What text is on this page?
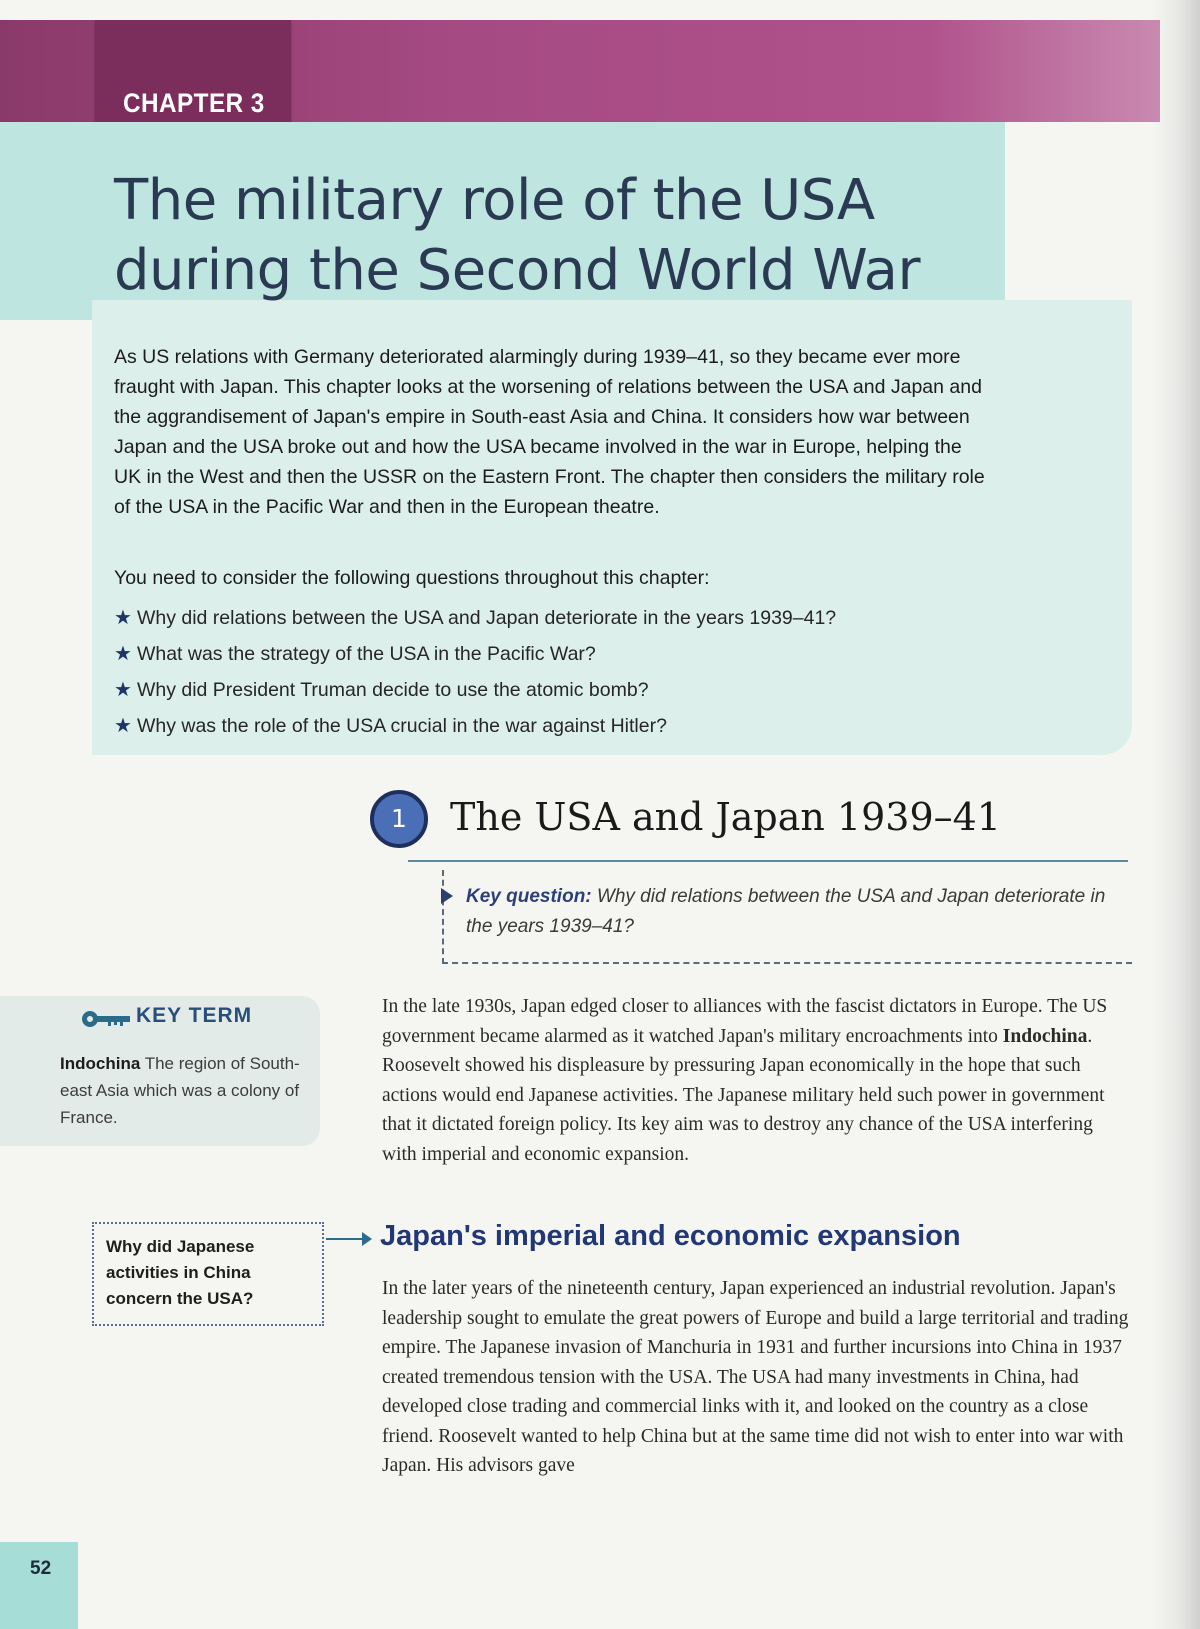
CHAPTER 3
The military role of the USA during the Second World War

As US relations with Germany deteriorated alarmingly during 1939–41, so they became ever more fraught with Japan. This chapter looks at the worsening of relations between the USA and Japan and the aggrandisement of Japan's empire in South-east Asia and China. It considers how war between Japan and the USA broke out and how the USA became involved in the war in Europe, helping the UK in the West and then the USSR on the Eastern Front. The chapter then considers the military role of the USA in the Pacific War and then in the European theatre.

You need to consider the following questions throughout this chapter:

★ Why did relations between the USA and Japan deteriorate in the years 1939–41?
★ What was the strategy of the USA in the Pacific War?
★ Why did President Truman decide to use the atomic bomb?
★ Why was the role of the USA crucial in the war against Hitler?
1	The USA and Japan 1939–41

Key question: Why did relations between the USA and Japan deteriorate in the years 1939–41?

KEY TERM

Indochina The region of South-east Asia which was a colony of France.

In the late 1930s, Japan edged closer to alliances with the fascist dictators in Europe. The US government became alarmed as it watched Japan's military encroachments into Indochina. Roosevelt showed his displeasure by pressuring Japan economically in the hope that such actions would end Japanese activities. The Japanese military held such power in government that it dictated foreign policy. Its key aim was to destroy any chance of the USA interfering with imperial and economic expansion.

Why did Japanese activities in China concern the USA?

Japan's imperial and economic expansion

In the later years of the nineteenth century, Japan experienced an industrial revolution. Japan's leadership sought to emulate the great powers of Europe and build a large territorial and trading empire. The Japanese invasion of Manchuria in 1931 and further incursions into China in 1937 created tremendous tension with the USA. The USA had many investments in China, had developed close trading and commercial links with it, and looked on the country as a close friend. Roosevelt wanted to help China but at the same time did not wish to enter into war with Japan. His advisors gave

52
